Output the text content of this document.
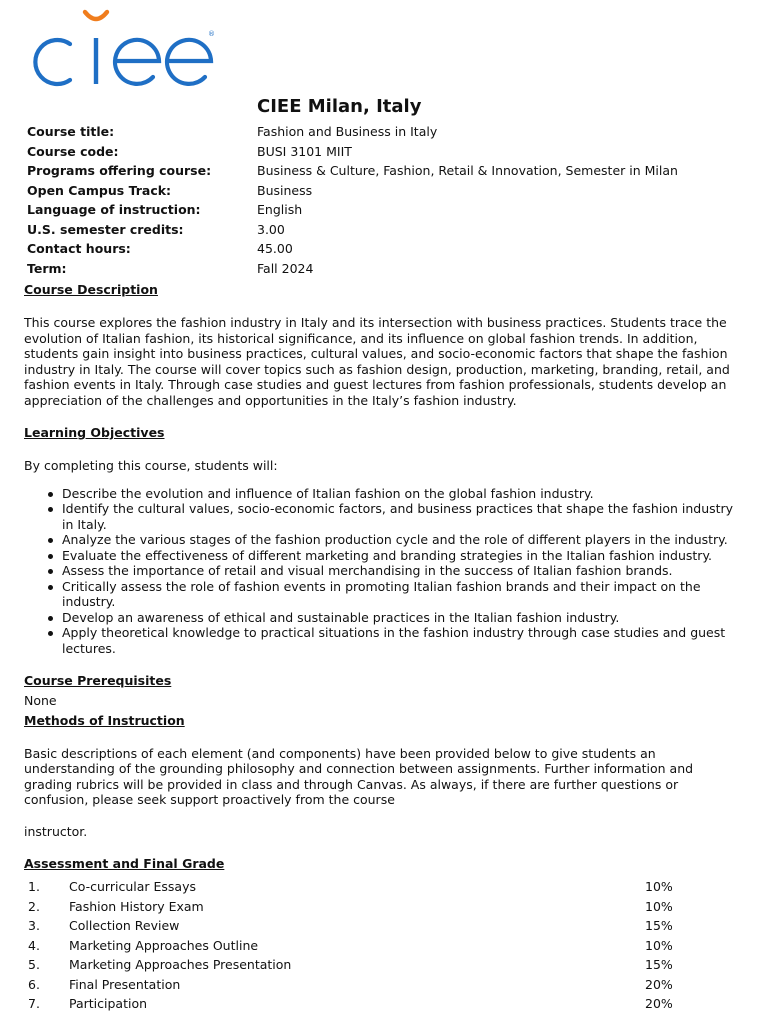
®
CIEE Milan, Italy
Course title:	Fashion and Business in Italy
Course code:	BUSI 3101 MIIT
Programs offering course:	Business & Culture, Fashion, Retail & Innovation, Semester in Milan
Open Campus Track:	Business
Language of instruction:	English
U.S. semester credits:	3.00
Contact hours:	45.00
Term:	Fall 2024
Course Description

This course explores the fashion industry in Italy and its intersection with business practices. Students trace the evolution of Italian fashion, its historical significance, and its influence on global fashion trends. In addition, students gain insight into business practices, cultural values, and socio-economic factors that shape the fashion industry in Italy. The course will cover topics such as fashion design, production, marketing, branding, retail, and fashion events in Italy. Through case studies and guest lectures from fashion professionals, students develop an appreciation of the challenges and opportunities in the Italy’s fashion industry.

Learning Objectives

By completing this course, students will:

Describe the evolution and influence of Italian fashion on the global fashion industry.
Identify the cultural values, socio-economic factors, and business practices that shape the fashion industry in Italy.
Analyze the various stages of the fashion production cycle and the role of different players in the industry.
Evaluate the effectiveness of different marketing and branding strategies in the Italian fashion industry.
Assess the importance of retail and visual merchandising in the success of Italian fashion brands.
Critically assess the role of fashion events in promoting Italian fashion brands and their impact on the industry.
Develop an awareness of ethical and sustainable practices in the Italian fashion industry.
Apply theoretical knowledge to practical situations in the fashion industry through case studies and guest lectures.
Course Prerequisites

None

Methods of Instruction

Basic descriptions of each element (and components) have been provided below to give students an understanding of the grounding philosophy and connection between assignments. Further information and grading rubrics will be provided in class and through Canvas. As always, if there are further questions or confusion, please seek support proactively from the course

instructor.

Assessment and Final Grade
1.	Co-curricular Essays	10%
2.	Fashion History Exam	10%
3.	Collection Review	15%
4.	Marketing Approaches Outline	10%
5.	Marketing Approaches Presentation	15%
6.	Final Presentation	20%
7.	Participation	20%
